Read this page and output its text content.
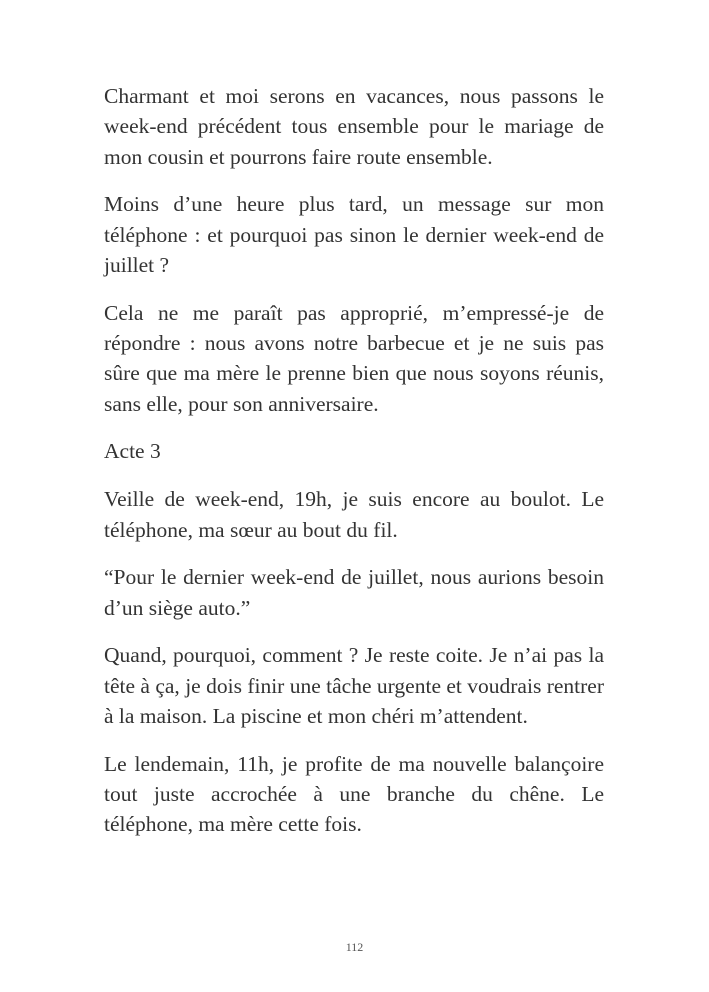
Charmant et moi serons en vacances, nous passons le week-end précédent tous ensemble pour le mariage de mon cousin et pourrons faire route ensemble.

Moins d’une heure plus tard, un message sur mon téléphone : et pourquoi pas sinon le dernier week-end de juillet ?

Cela ne me paraît pas approprié, m’empressé-je de répondre : nous avons notre barbecue et je ne suis pas sûre que ma mère le prenne bien que nous soyons réunis, sans elle, pour son anniversaire.

Acte 3

Veille de week-end, 19h, je suis encore au boulot. Le téléphone, ma sœur au bout du fil.

“Pour le dernier week-end de juillet, nous aurions besoin d’un siège auto.”

Quand, pourquoi, comment ? Je reste coite. Je n’ai pas la tête à ça, je dois finir une tâche urgente et voudrais rentrer à la maison. La piscine et mon chéri m’attendent.

Le lendemain, 11h, je profite de ma nouvelle balançoire tout juste accrochée à une branche du chêne. Le téléphone, ma mère cette fois.

112
